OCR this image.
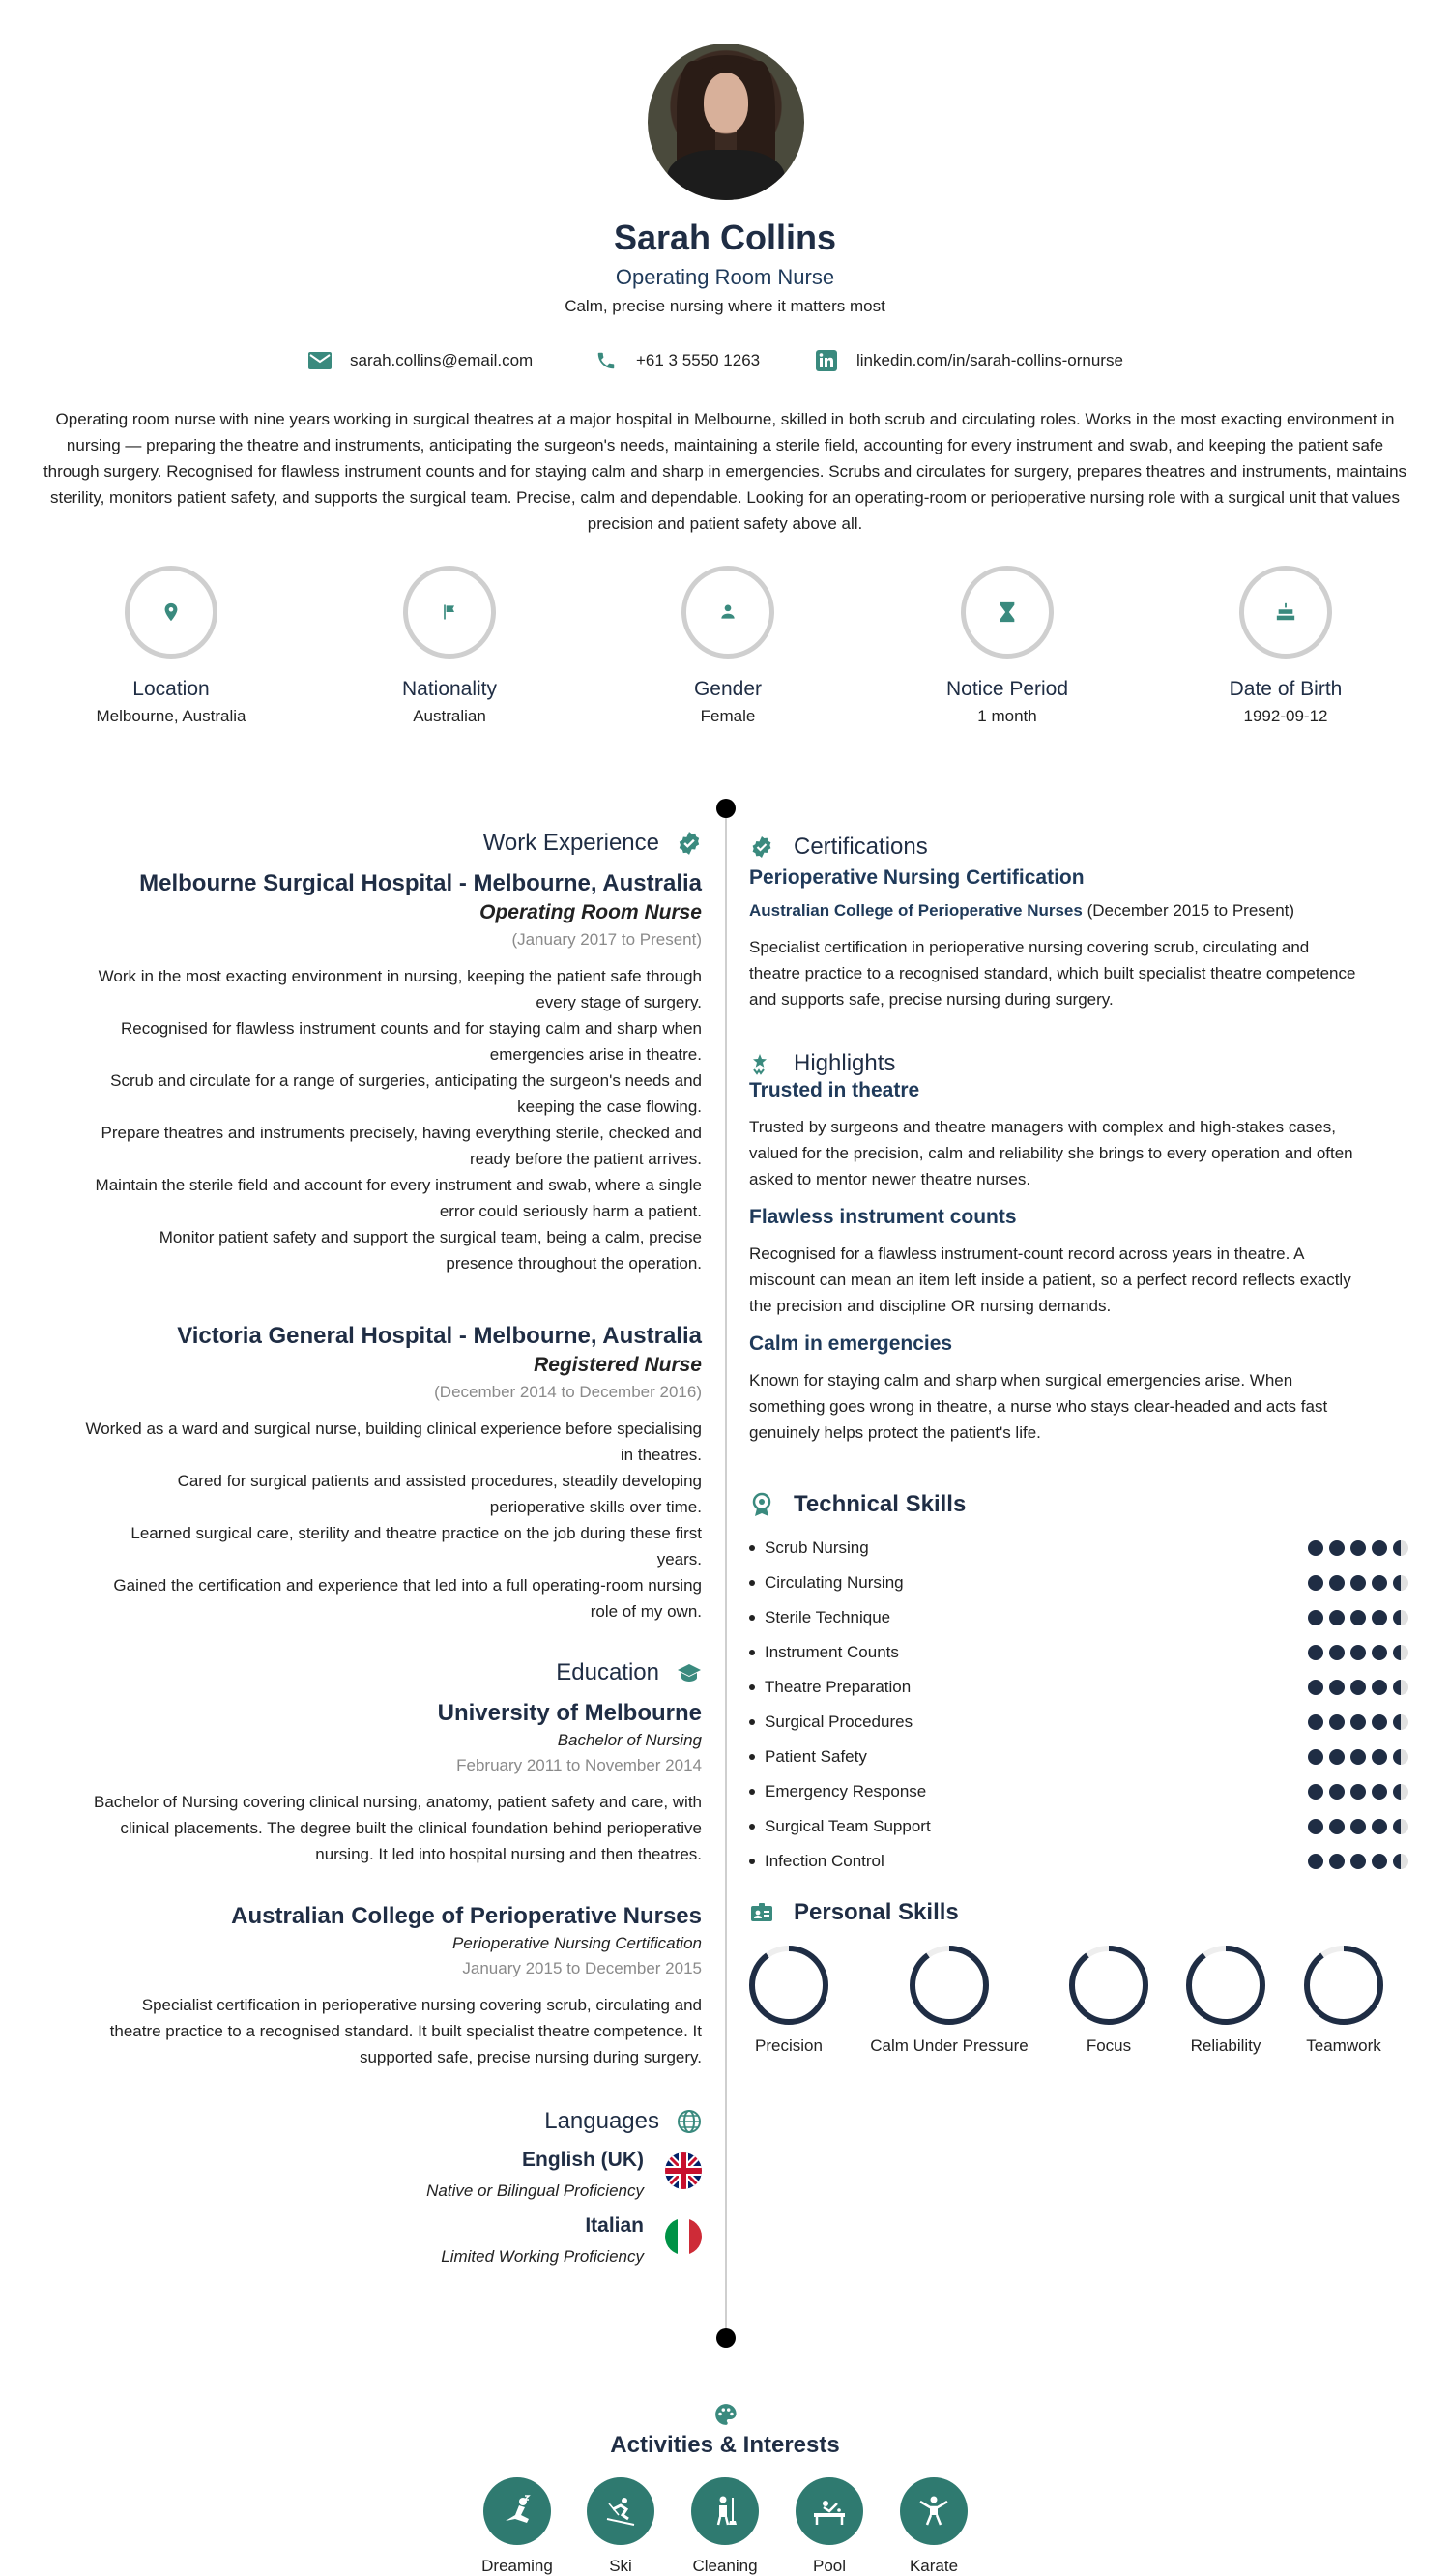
Sarah Collins
Operating Room Nurse
Calm, precise nursing where it matters most
sarah.collins@email.com	+61 3 5550 1263	linkedin.com/in/sarah-collins-ornurse

Operating room nurse with nine years working in surgical theatres at a major hospital in Melbourne, skilled in both scrub and circulating roles. Works in the most exacting environment in nursing — preparing the theatre and instruments, anticipating the surgeon's needs, maintaining a sterile field, accounting for every instrument and swab, and keeping the patient safe through surgery. Recognised for flawless instrument counts and for staying calm and sharp in emergencies. Scrubs and circulates for surgery, prepares theatres and instruments, maintains sterility, monitors patient safety, and supports the surgical team. Precise, calm and dependable. Looking for an operating-room or perioperative nursing role with a surgical unit that values precision and patient safety above all.

Location
Melbourne, Australia
Nationality
Australian
Gender
Female
Notice Period
1 month
Date of Birth
1992-09-12
Work Experience
Melbourne Surgical Hospital - Melbourne, Australia
Operating Room Nurse
(January 2017 to Present)
Work in the most exacting environment in nursing, keeping the patient safe through
every stage of surgery.
Recognised for flawless instrument counts and for staying calm and sharp when
emergencies arise in theatre.
Scrub and circulate for a range of surgeries, anticipating the surgeon's needs and
keeping the case flowing.
Prepare theatres and instruments precisely, having everything sterile, checked and
ready before the patient arrives.
Maintain the sterile field and account for every instrument and swab, where a single
error could seriously harm a patient.
Monitor patient safety and support the surgical team, being a calm, precise
presence throughout the operation.
Victoria General Hospital - Melbourne, Australia
Registered Nurse
(December 2014 to December 2016)
Worked as a ward and surgical nurse, building clinical experience before specialising
in theatres.
Cared for surgical patients and assisted procedures, steadily developing
perioperative skills over time.
Learned surgical care, sterility and theatre practice on the job during these first
years.
Gained the certification and experience that led into a full operating-room nursing
role of my own.
Education
University of Melbourne
Bachelor of Nursing
February 2011 to November 2014
Bachelor of Nursing covering clinical nursing, anatomy, patient safety and care, with
clinical placements. The degree built the clinical foundation behind perioperative
nursing. It led into hospital nursing and then theatres.
Australian College of Perioperative Nurses
Perioperative Nursing Certification
January 2015 to December 2015
Specialist certification in perioperative nursing covering scrub, circulating and
theatre practice to a recognised standard. It built specialist theatre competence. It
supported safe, precise nursing during surgery.
Languages
English (UK)
Native or Bilingual Proficiency
Italian
Limited Working Proficiency
Certifications
Perioperative Nursing Certification
Australian College of Perioperative Nurses (December 2015 to Present)
Specialist certification in perioperative nursing covering scrub, circulating and
theatre practice to a recognised standard, which built specialist theatre competence
and supports safe, precise nursing during surgery.
Highlights
Trusted in theatre
Trusted by surgeons and theatre managers with complex and high-stakes cases,
valued for the precision, calm and reliability she brings to every operation and often
asked to mentor newer theatre nurses.
Flawless instrument counts
Recognised for a flawless instrument-count record across years in theatre. A
miscount can mean an item left inside a patient, so a perfect record reflects exactly
the precision and discipline OR nursing demands.
Calm in emergencies
Known for staying calm and sharp when surgical emergencies arise. When
something goes wrong in theatre, a nurse who stays clear-headed and acts fast
genuinely helps protect the patient's life.
Technical Skills
Scrub Nursing
Circulating Nursing
Sterile Technique
Instrument Counts
Theatre Preparation
Surgical Procedures
Patient Safety
Emergency Response
Surgical Team Support
Infection Control
Personal Skills
Precision	Calm Under Pressure	Focus	Reliability	Teamwork
Activities & Interests
Dreaming	Ski	Cleaning	Pool	Karate
